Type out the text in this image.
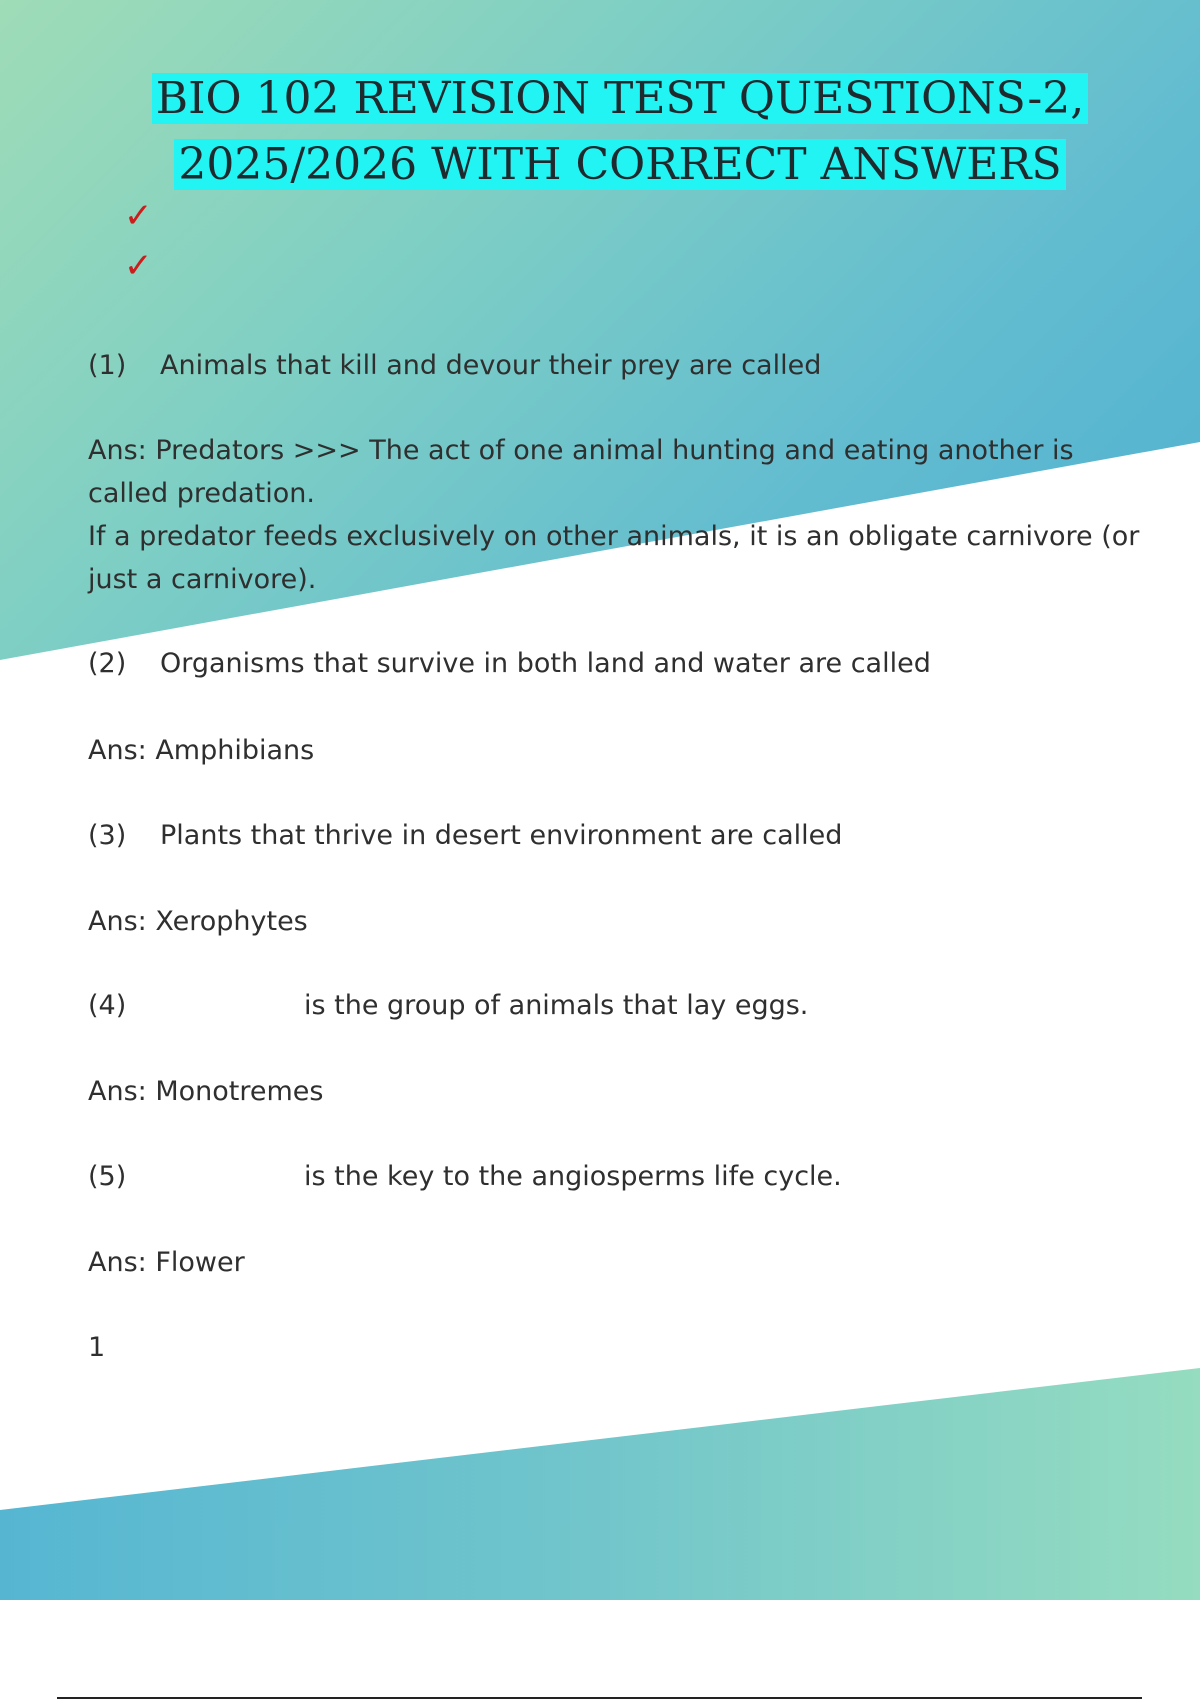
BIO 102 REVISION TEST QUESTIONS-2,
2025/2026 WITH CORRECT ANSWERS
✓
✓
(1) Animals that kill and devour their prey are called

Ans: Predators >>> The act of one animal hunting and eating another is called predation.

If a predator feeds exclusively on other animals, it is an obligate carnivore (or just a carnivore).

(2) Organisms that survive in both land and water are called
Ans: Amphibians
(3) Plants that thrive in desert environment are called
Ans: Xerophytes
(4)	is the group of animals that lay eggs.
Ans: Monotremes
(5)	is the key to the angiosperms life cycle.
Ans: Flower
1
